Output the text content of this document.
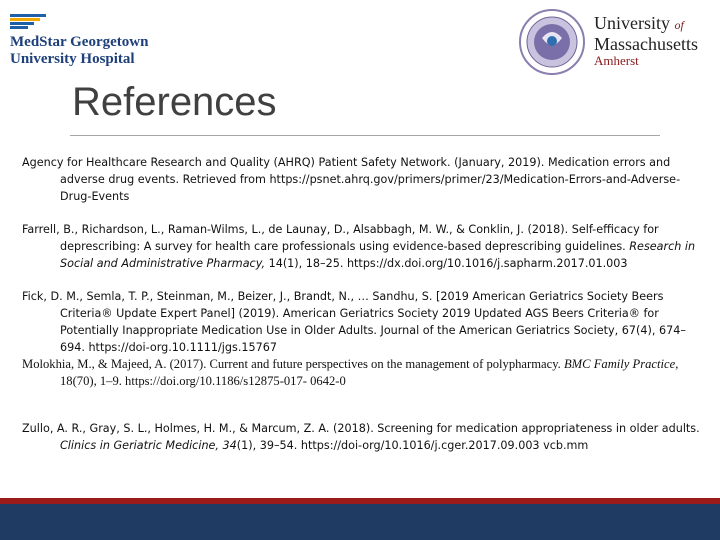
MedStar Georgetown
University Hospital
University of
Massachusetts
Amherst
References
Agency for Healthcare Research and Quality (AHRQ) Patient Safety Network. (January, 2019). Medication errors and adverse drug events. Retrieved from https://psnet.ahrq.gov/primers/primer/23/Medication-Errors-and-Adverse-Drug-Events
Farrell, B., Richardson, L., Raman-Wilms, L., de Launay, D., Alsabbagh, M. W., & Conklin, J. (2018). Self-efficacy for deprescribing: A survey for health care professionals using evidence-based deprescribing guidelines. Research in Social and Administrative Pharmacy, 14(1), 18–25. https://dx.doi.org/10.1016/j.sapharm.2017.01.003
Fick, D. M., Semla, T. P., Steinman, M., Beizer, J., Brandt, N., … Sandhu, S. [2019 American Geriatrics Society Beers Criteria® Update Expert Panel] (2019). American Geriatrics Society 2019 Updated AGS Beers Criteria® for Potentially Inappropriate Medication Use in Older Adults. Journal of the American Geriatrics Society, 67(4), 674–694. https://doi-org.10.1111/jgs.15767
Molokhia, M., & Majeed, A. (2017). Current and future perspectives on the management of polypharmacy. BMC Family Practice, 18(70), 1–9. https://doi.org/10.1186/s12875-017- 0642-0
Zullo, A. R., Gray, S. L., Holmes, H. M., & Marcum, Z. A. (2018). Screening for medication appropriateness in older adults. Clinics in Geriatric Medicine, 34(1), 39–54. https://doi-org/10.1016/j.cger.2017.09.003 vcb.mm
